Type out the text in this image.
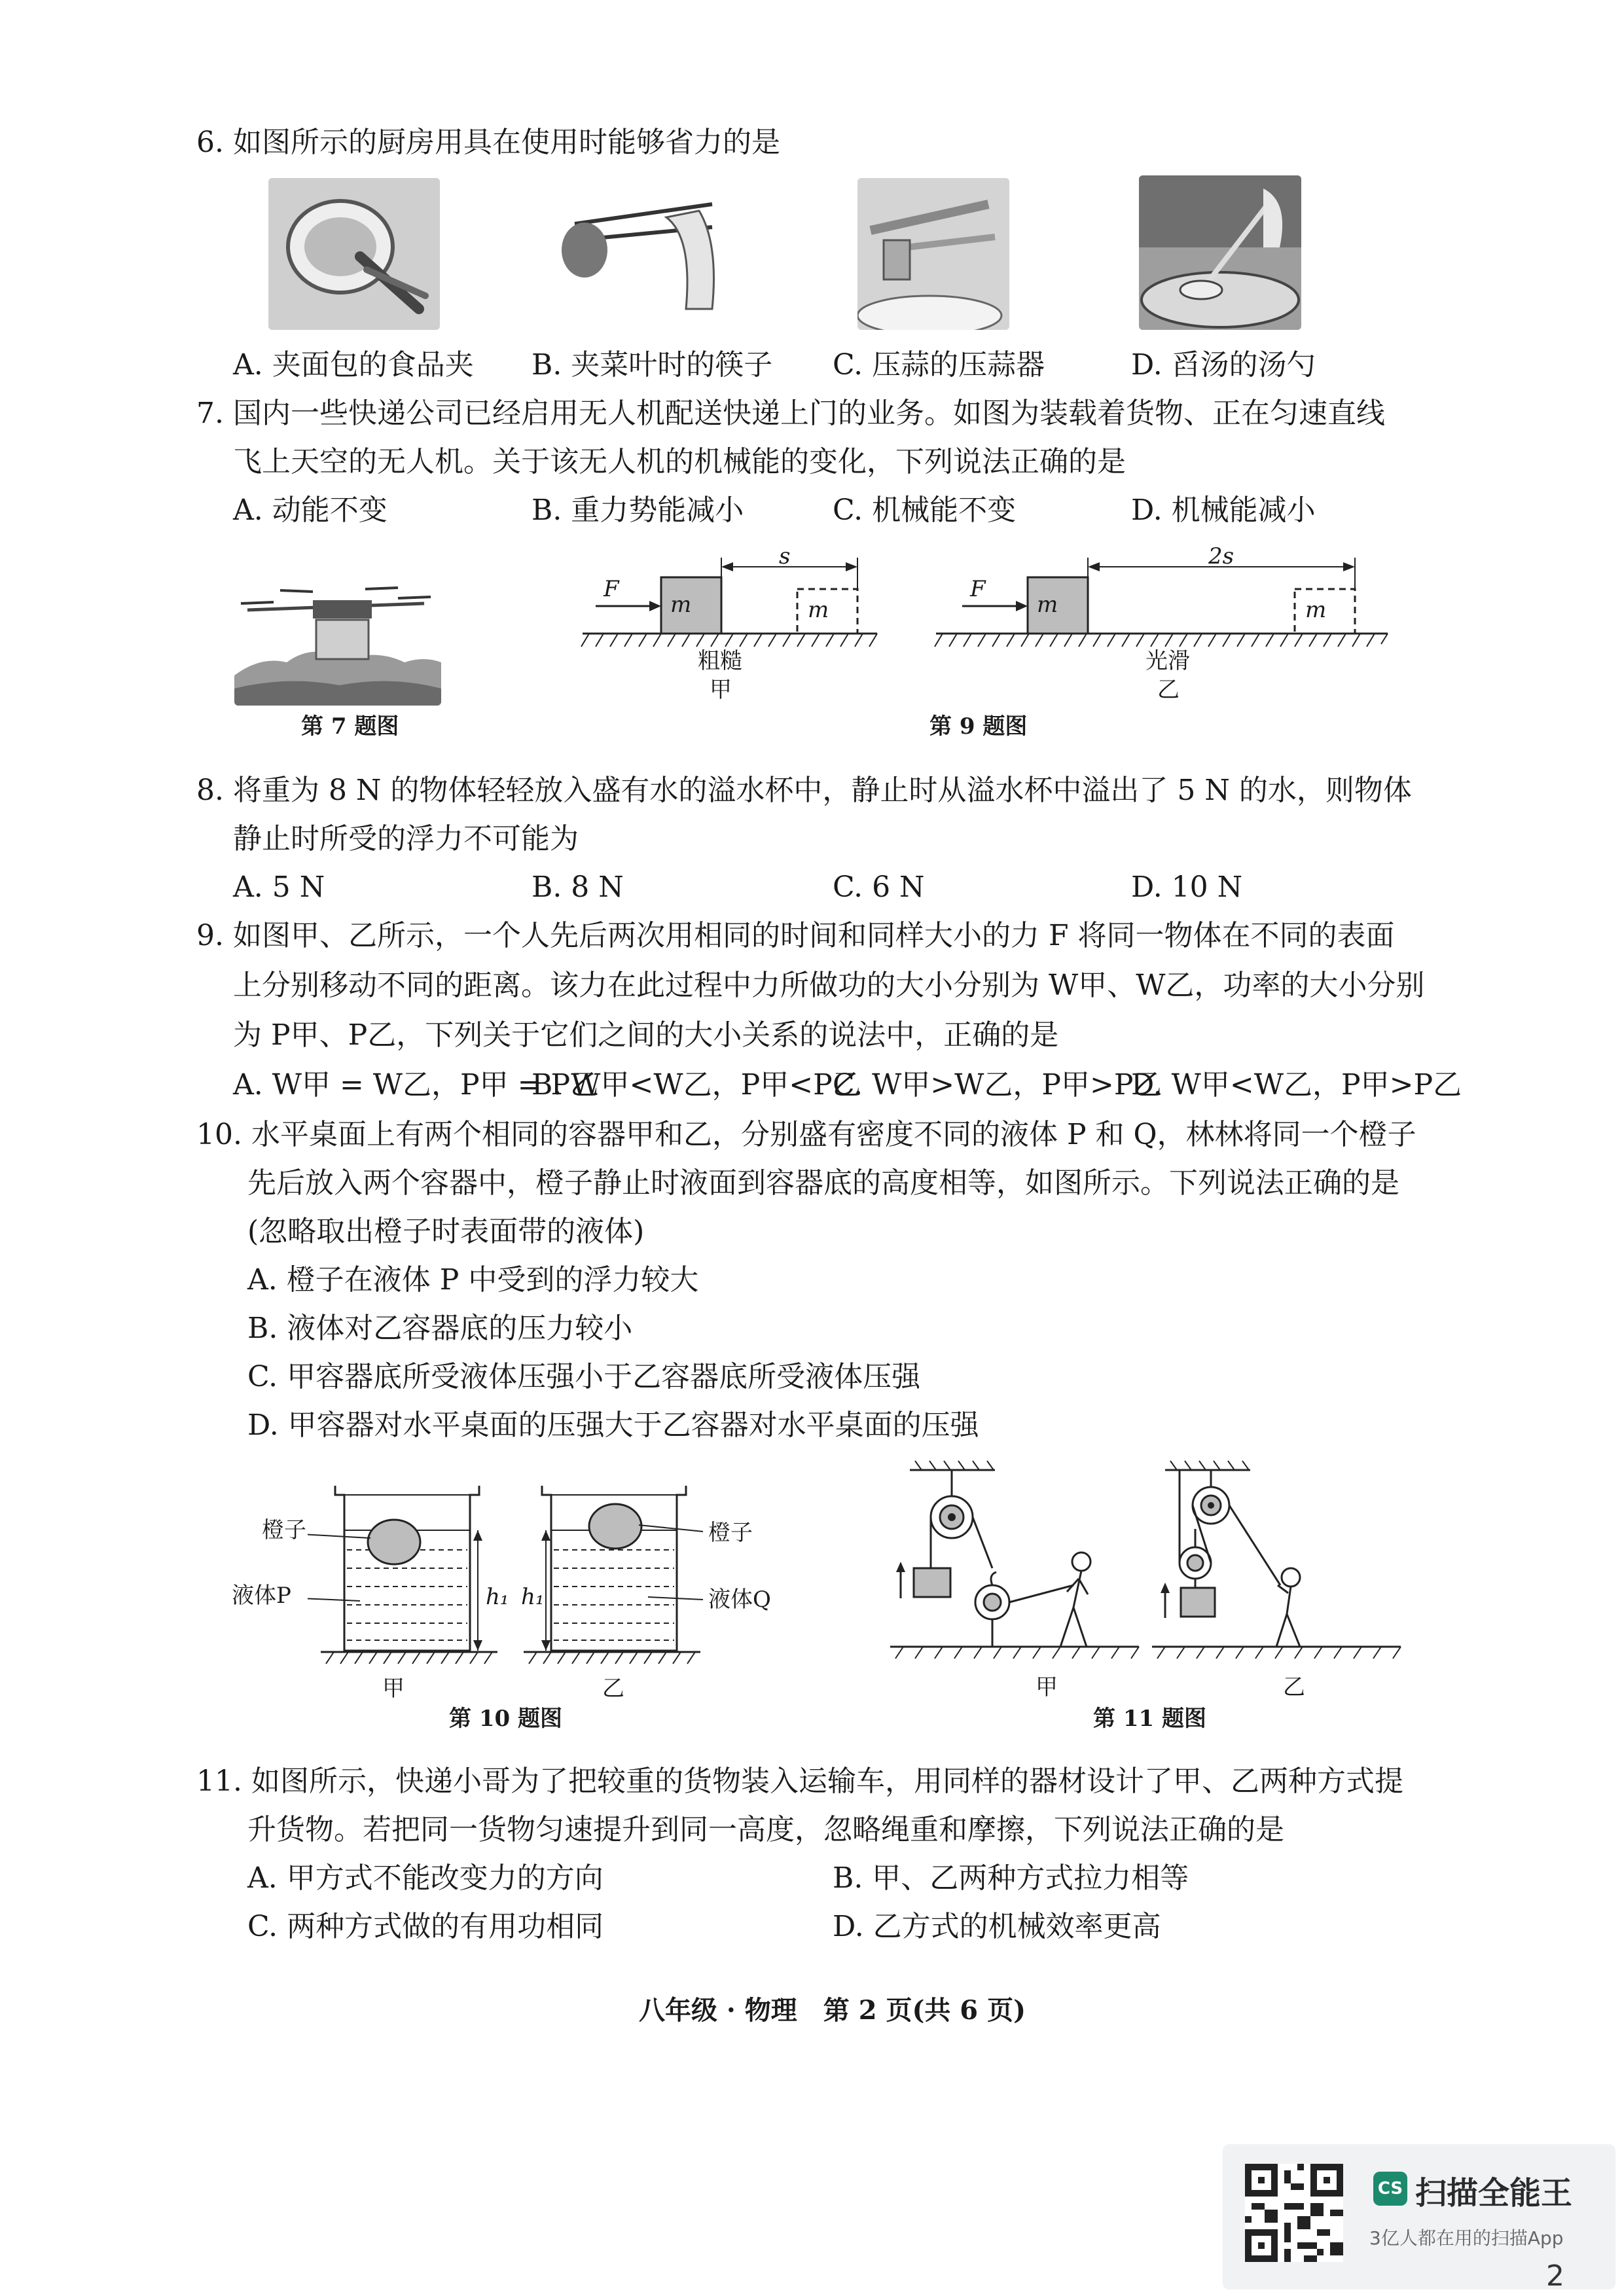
6. 如图所示的厨房用具在使用时能够省力的是
A. 夹面包的食品夹 B. 夹菜叶时的筷子 C. 压蒜的压蒜器	D. 舀汤的汤勺
7. 国内一些快递公司已经启用无人机配送快递上门的业务。如图为装载着货物、正在匀速直线
飞上天空的无人机。关于该无人机的机械能的变化，下列说法正确的是
A. 动能不变	B. 重力势能减小	C. 机械能不变	D. 机械能减小
第 7 题图
F
m	m
s
粗糙
甲
F
m	m
2s
光滑
乙
第 9 题图
8. 将重为 8 N 的物体轻轻放入盛有水的溢水杯中，静止时从溢水杯中溢出了 5 N 的水，则物体
静止时所受的浮力不可能为
A. 5 N	B. 8 N	C. 6 N	D. 10 N
9. 如图甲、乙所示，一个人先后两次用相同的时间和同样大小的力 F 将同一物体在不同的表面
上分别移动不同的距离。该力在此过程中力所做功的大小分别为 W甲、W乙，功率的大小分别
为 P甲、P乙，下列关于它们之间的大小关系的说法中，正确的是
A. W甲 = W乙，P甲 = P乙
B. W甲<W乙，P甲<P乙
C. W甲>W乙，P甲>P乙
D. W甲<W乙，P甲>P乙
10. 水平桌面上有两个相同的容器甲和乙，分别盛有密度不同的液体 P 和 Q，林林将同一个橙子
先后放入两个容器中，橙子静止时液面到容器底的高度相等，如图所示。下列说法正确的是
(忽略取出橙子时表面带的液体)
A. 橙子在液体 P 中受到的浮力较大
B. 液体对乙容器底的压力较小
C. 甲容器底所受液体压强小于乙容器底所受液体压强
D. 甲容器对水平桌面的压强大于乙容器对水平桌面的压强
橙子
液体P	h₁ h₁
橙子
液体Q
甲	乙
第 10 题图
甲	乙
第 11 题图
11. 如图所示，快递小哥为了把较重的货物装入运输车，用同样的器材设计了甲、乙两种方式提
升货物。若把同一货物匀速提升到同一高度，忽略绳重和摩擦，下列说法正确的是
A. 甲方式不能改变力的方向	B. 甲、乙两种方式拉力相等
C. 两种方式做的有用功相同	D. 乙方式的机械效率更高
八年级 · 物理　第 2 页(共 6 页)
CS 扫描全能王
3亿人都在用的扫描App
2
